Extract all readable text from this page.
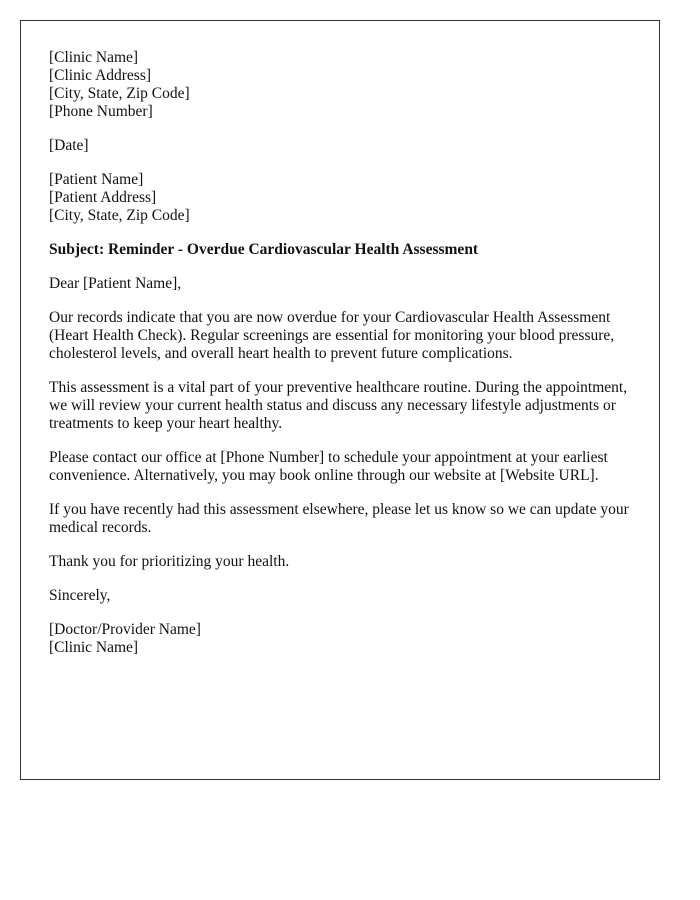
[Clinic Name]
[Clinic Address]
[City, State, Zip Code]
[Phone Number]
[Date]
[Patient Name]
[Patient Address]
[City, State, Zip Code]

Subject: Reminder - Overdue Cardiovascular Health Assessment

Dear [Patient Name],

Our records indicate that you are now overdue for your Cardiovascular Health Assessment (Heart Health Check). Regular screenings are essential for monitoring your blood pressure, cholesterol levels, and overall heart health to prevent future complications.

This assessment is a vital part of your preventive healthcare routine. During the appointment, we will review your current health status and discuss any necessary lifestyle adjustments or treatments to keep your heart healthy.

Please contact our office at [Phone Number] to schedule your appointment at your earliest convenience. Alternatively, you may book online through our website at [Website URL].

If you have recently had this assessment elsewhere, please let us know so we can update your medical records.

Thank you for prioritizing your health.

Sincerely,

[Doctor/Provider Name]
[Clinic Name]
